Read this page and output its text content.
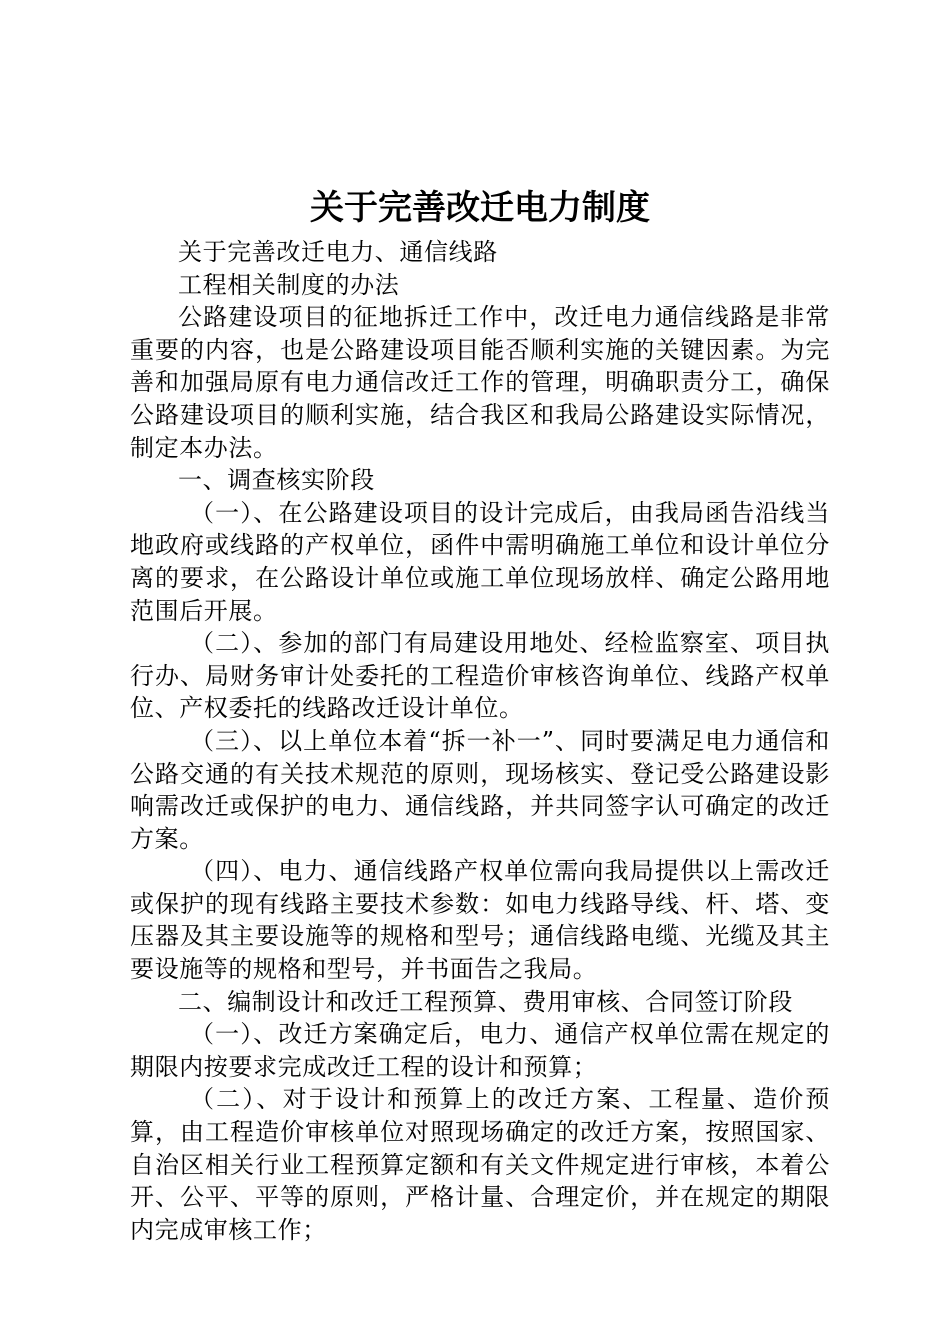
关于完善改迁电力制度

关于完善改迁电力、通信线路

工程相关制度的办法

公路建设项目的征地拆迁工作中，改迁电力通信线路是非常重要的内容，也是公路建设项目能否顺利实施的关键因素。为完善和加强局原有电力通信改迁工作的管理，明确职责分工，确保公路建设项目的顺利实施，结合我区和我局公路建设实际情况，制定本办法。

一、调查核实阶段

（一）、在公路建设项目的设计完成后，由我局函告沿线当地政府或线路的产权单位，函件中需明确施工单位和设计单位分离的要求，在公路设计单位或施工单位现场放样、确定公路用地范围后开展。

（二）、参加的部门有局建设用地处、经检监察室、项目执行办、局财务审计处委托的工程造价审核咨询单位、线路产权单位、产权委托的线路改迁设计单位。

（三）、以上单位本着“拆一补一”、同时要满足电力通信和公路交通的有关技术规范的原则，现场核实、登记受公路建设影响需改迁或保护的电力、通信线路，并共同签字认可确定的改迁方案。

（四）、电力、通信线路产权单位需向我局提供以上需改迁或保护的现有线路主要技术参数：如电力线路导线、杆、塔、变压器及其主要设施等的规格和型号；通信线路电缆、光缆及其主要设施等的规格和型号，并书面告之我局。

二、编制设计和改迁工程预算、费用审核、合同签订阶段

（一）、改迁方案确定后，电力、通信产权单位需在规定的期限内按要求完成改迁工程的设计和预算；

（二）、对于设计和预算上的改迁方案、工程量、造价预算，由工程造价审核单位对照现场确定的改迁方案，按照国家、自治区相关行业工程预算定额和有关文件规定进行审核，本着公开、公平、平等的原则，严格计量、合理定价，并在规定的期限内完成审核工作；
